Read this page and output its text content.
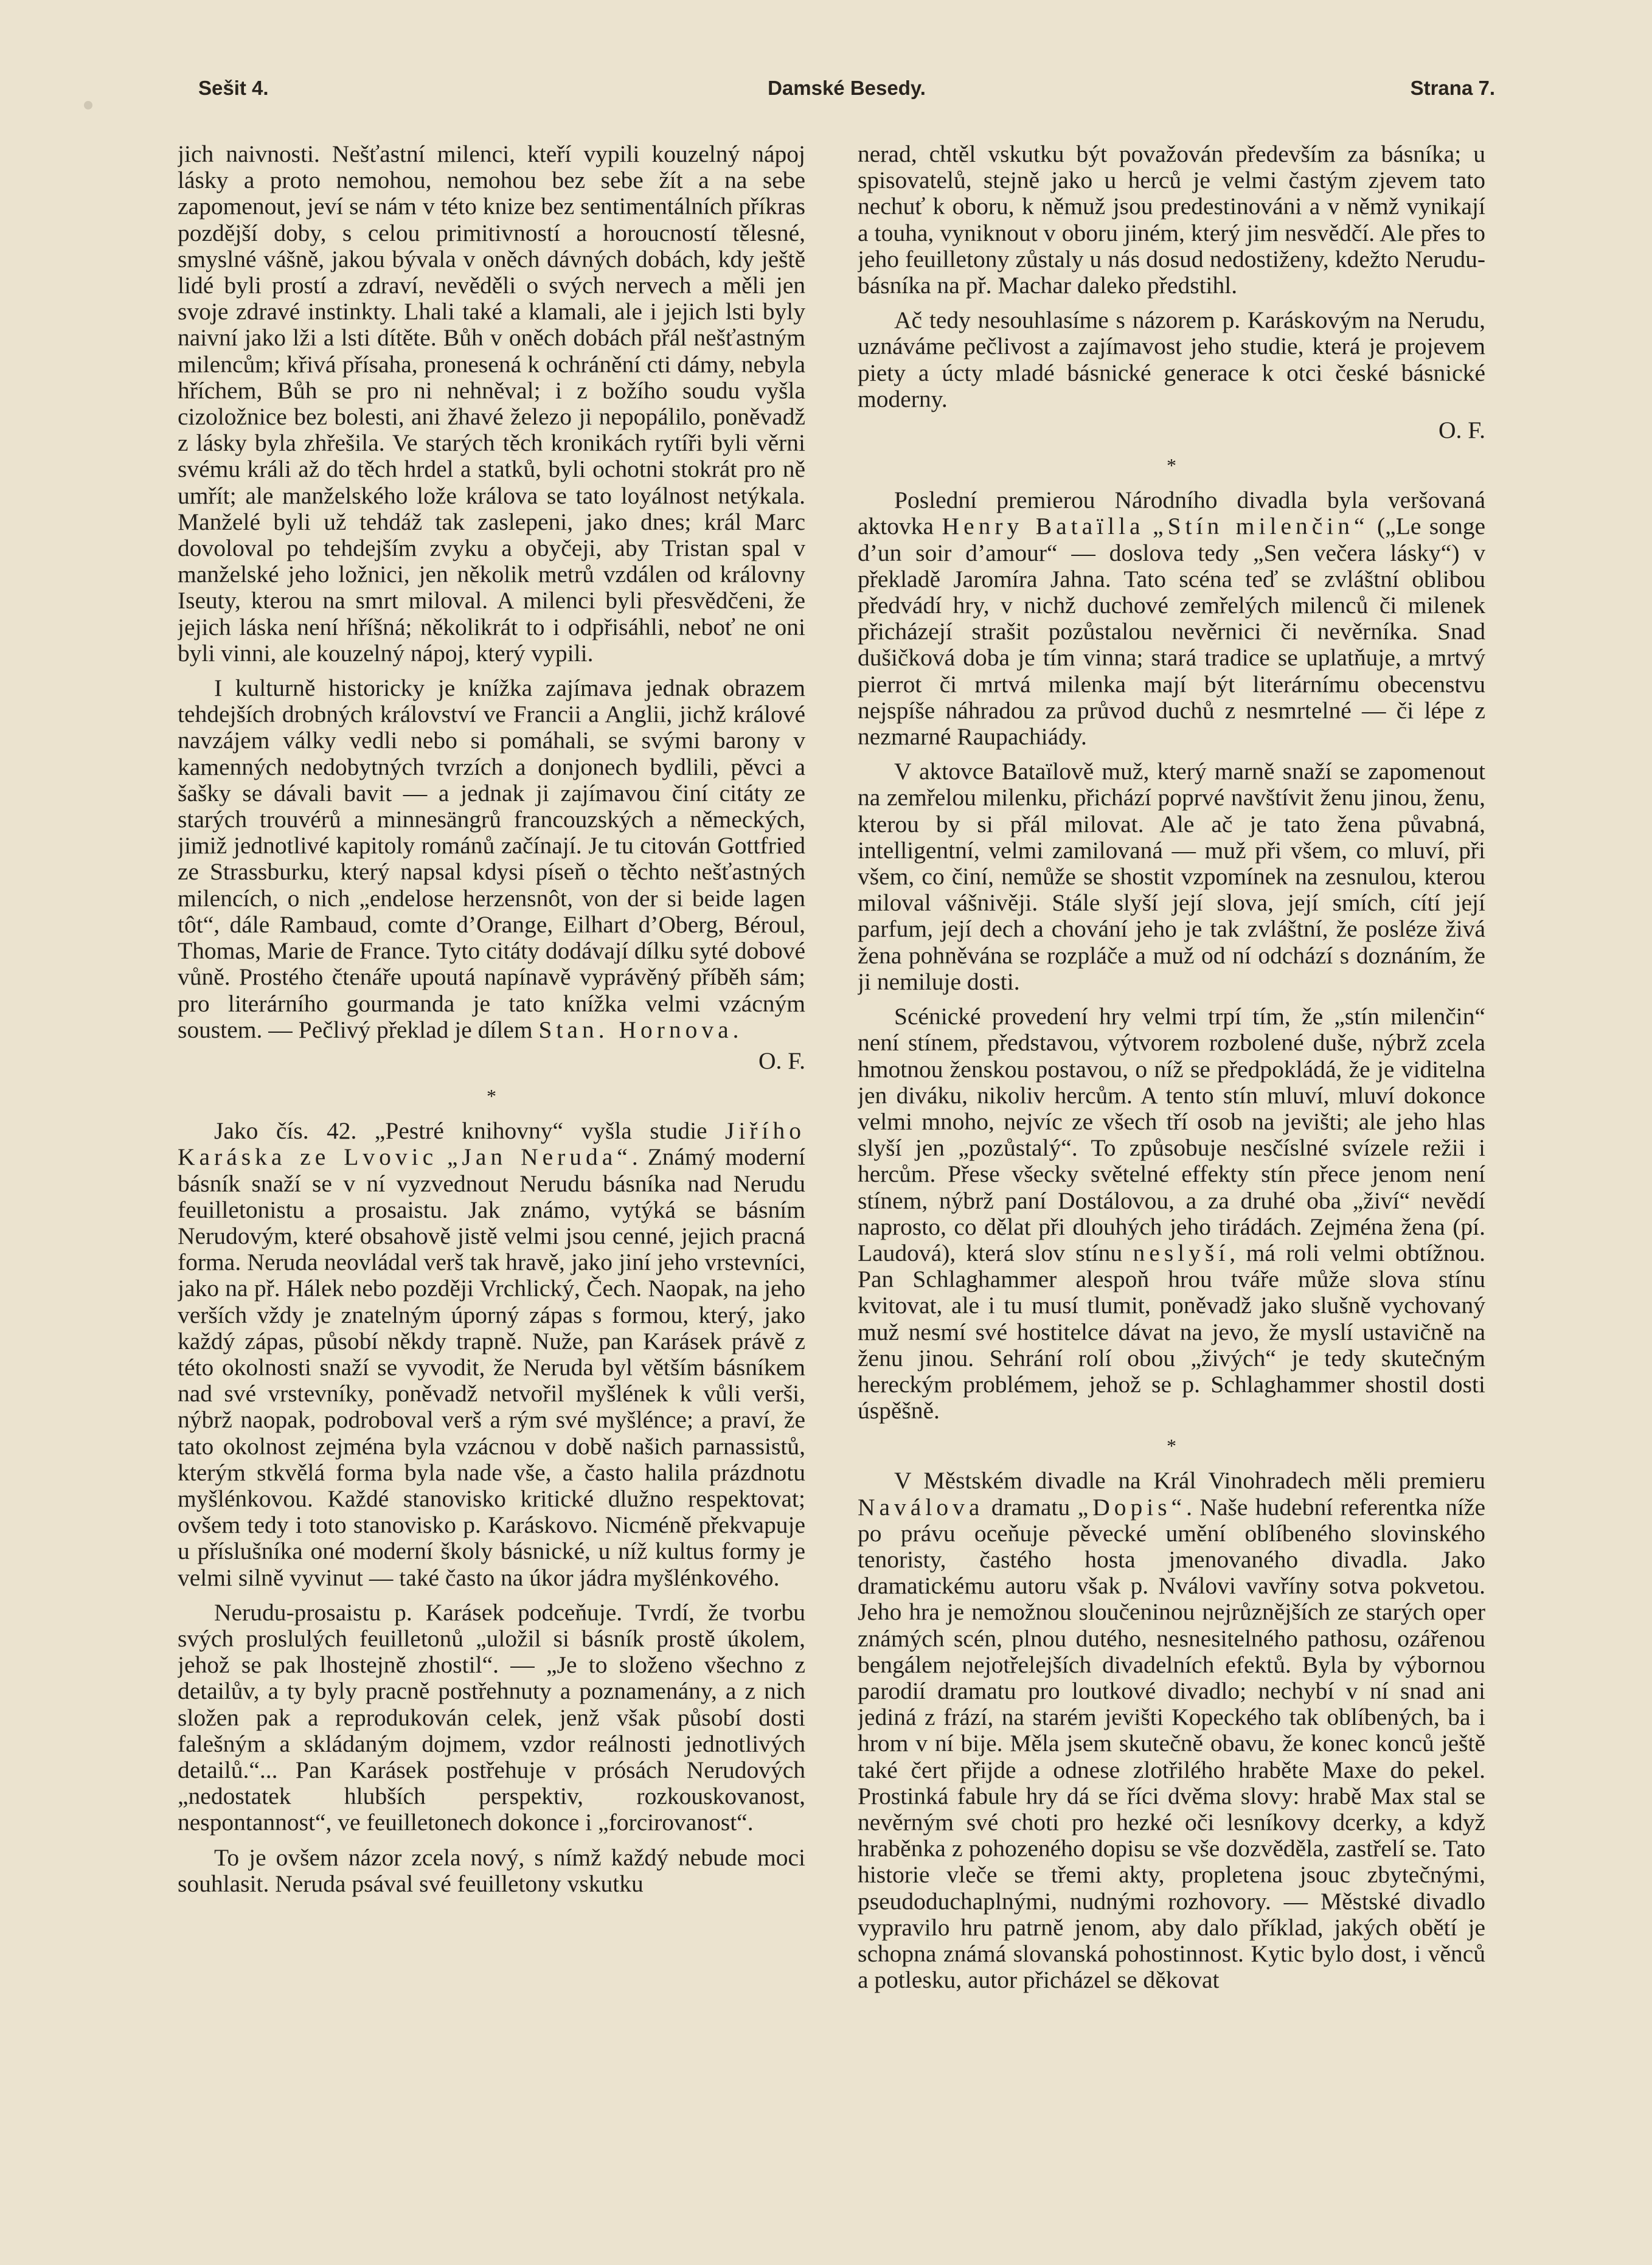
Sešit 4.	Damské Besedy.	Strana 7.

jich naivnosti. Nešťastní milenci, kteří vypili kouzelný nápoj lásky a proto nemohou, nemohou bez sebe žít a na sebe zapomenout, jeví se nám v této knize bez sentimentálních příkras pozdější doby, s celou primitivností a horoucností tělesné, smyslné vášně, jakou bývala v oněch dávných dobách, kdy ještě lidé byli prostí a zdraví, nevěděli o svých nervech a měli jen svoje zdravé instinkty. Lhali také a klamali, ale i jejich lsti byly naivní jako lži a lsti dítěte. Bůh v oněch dobách přál nešťastným milencům; křivá přísaha, pronesená k ochránění cti dámy, nebyla hříchem, Bůh se pro ni nehněval; i z božího soudu vyšla cizoložnice bez bolesti, ani žhavé železo ji nepopálilo, poněvadž z lásky byla zhřešila. Ve starých těch kronikách rytíři byli věrni svému králi až do těch hrdel a statků, byli ochotni stokrát pro ně umřít; ale manželského lože králova se tato loyálnost netýkala. Manželé byli už tehdáž tak zaslepeni, jako dnes; král Marc dovoloval po tehdejším zvyku a obyčeji, aby Tristan spal v manželské jeho ložnici, jen několik metrů vzdálen od královny Iseuty, kterou na smrt miloval. A milenci byli přesvědčeni, že jejich láska není hříšná; několikrát to i odpřisáhli, neboť ne oni byli vinni, ale kouzelný nápoj, který vypili.

I kulturně historicky je knížka zajímava jednak obrazem tehdejších drobných království ve Francii a Anglii, jichž králové navzájem války vedli nebo si pomáhali, se svými barony v kamenných nedobytných tvrzích a donjonech bydlili, pěvci a šašky se dávali bavit — a jednak ji zajímavou činí citáty ze starých trouvérů a minnesängrů francouzských a německých, jimiž jednotlivé kapitoly románů začínají. Je tu citován Gottfried ze Strassburku, který napsal kdysi píseň o těchto nešťastných milencích, o nich „endelose herzensnôt, von der si beide lagen tôt“, dále Rambaud, comte d’Orange, Eilhart d’Oberg, Béroul, Thomas, Marie de France. Tyto citáty dodávají dílku syté dobové vůně. Prostého čtenáře upoutá napínavě vyprávěný příběh sám; pro literárního gourmanda je tato knížka velmi vzácným soustem. — Pečlivý překlad je dílem Stan. Hornova.

O. F.

*

Jako čís. 42. „Pestré knihovny“ vyšla studie Jiřího Karáska ze Lvovic „Jan Neruda“. Známý moderní básník snaží se v ní vyzvednout Nerudu básníka nad Nerudu feuilletonistu a prosaistu. Jak známo, vytýká se básním Nerudovým, které obsahově jistě velmi jsou cenné, jejich pracná forma. Neruda neovládal verš tak hravě, jako jiní jeho vrstevníci, jako na př. Hálek nebo později Vrchlický, Čech. Naopak, na jeho verších vždy je znatelným úporný zápas s formou, který, jako každý zápas, působí někdy trapně. Nuže, pan Karásek právě z této okolnosti snaží se vyvodit, že Neruda byl větším básníkem nad své vrstevníky, poněvadž netvořil myšlének k vůli verši, nýbrž naopak, podroboval verš a rým své myšlénce; a praví, že tato okolnost zejména byla vzácnou v době našich parnassistů, kterým stkvělá forma byla nade vše, a často halila prázdnotu myšlénkovou. Každé stanovisko kritické dlužno respektovat; ovšem tedy i toto stanovisko p. Karáskovo. Nicméně překvapuje u příslušníka oné moderní školy básnické, u níž kultus formy je velmi silně vyvinut — také často na úkor jádra myšlénkového.

Nerudu-prosaistu p. Karásek podceňuje. Tvrdí, že tvorbu svých proslulých feuilletonů „uložil si básník prostě úkolem, jehož se pak lhostejně zhostil“. — „Je to složeno všechno z detailův, a ty byly pracně postřehnuty a poznamenány, a z nich složen pak a reprodukován celek, jenž však působí dosti falešným a skládaným dojmem, vzdor reálnosti jednotlivých detailů.“... Pan Karásek postřehuje v prósách Nerudových „nedostatek hlubších perspektiv, rozkouskovanost, nespontannost“, ve feuilletonech dokonce i „forcirovanost“.

To je ovšem názor zcela nový, s nímž každý nebude moci souhlasit. Neruda psával své feuilletony vskutku

nerad, chtěl vskutku být považován především za básníka; u spisovatelů, stejně jako u herců je velmi častým zjevem tato nechuť k oboru, k němuž jsou predestinováni a v němž vynikají a touha, vyniknout v oboru jiném, který jim nesvědčí. Ale přes to jeho feuilletony zůstaly u nás dosud nedostiženy, kdežto Nerudu-básníka na př. Machar daleko předstihl.

Ač tedy nesouhlasíme s názorem p. Karáskovým na Nerudu, uznáváme pečlivost a zajímavost jeho studie, která je projevem piety a úcty mladé básnické generace k otci české básnické moderny.

O. F.

*

Poslední premierou Národního divadla byla veršovaná aktovka Henry Bataïlla „Stín milenčin“ („Le songe d’un soir d’amour“ — doslova tedy „Sen večera lásky“) v překladě Jaromíra Jahna. Tato scéna teď se zvláštní oblibou předvádí hry, v nichž duchové zemřelých milenců či milenek přicházejí strašit pozůstalou nevěrnici či nevěrníka. Snad dušičková doba je tím vinna; stará tradice se uplatňuje, a mrtvý pierrot či mrtvá milenka mají být literárnímu obecenstvu nejspíše náhradou za průvod duchů z nesmrtelné — či lépe z nezmarné Raupachiády.

V aktovce Bataïlově muž, který marně snaží se zapomenout na zemřelou milenku, přichází poprvé navštívit ženu jinou, ženu, kterou by si přál milovat. Ale ač je tato žena půvabná, intelligentní, velmi zamilovaná — muž při všem, co mluví, při všem, co činí, nemůže se shostit vzpomínek na zesnulou, kterou miloval vášnivěji. Stále slyší její slova, její smích, cítí její parfum, její dech a chování jeho je tak zvláštní, že posléze živá žena pohněvána se rozpláče a muž od ní odchází s doznáním, že ji nemiluje dosti.

Scénické provedení hry velmi trpí tím, že „stín milenčin“ není stínem, představou, výtvorem rozbolené duše, nýbrž zcela hmotnou ženskou postavou, o níž se předpokládá, že je viditelna jen diváku, nikoliv hercům. A tento stín mluví, mluví dokonce velmi mnoho, nejvíc ze všech tří osob na jevišti; ale jeho hlas slyší jen „pozůstalý“. To způsobuje nesčíslné svízele režii i hercům. Přese všecky světelné effekty stín přece jenom není stínem, nýbrž paní Dostálovou, a za druhé oba „živí“ nevědí naprosto, co dělat při dlouhých jeho tirádách. Zejména žena (pí. Laudová), která slov stínu neslyší, má roli velmi obtížnou. Pan Schlaghammer alespoň hrou tváře může slova stínu kvitovat, ale i tu musí tlumit, poněvadž jako slušně vychovaný muž nesmí své hostitelce dávat na jevo, že myslí ustavičně na ženu jinou. Sehrání rolí obou „živých“ je tedy skutečným hereckým problémem, jehož se p. Schlaghammer shostil dosti úspěšně.

*

V Městském divadle na Král Vinohradech měli premieru Naválova dramatu „Dopis“. Naše hudební referentka níže po právu oceňuje pěvecké umění oblíbeného slovinského tenoristy, častého hosta jmenovaného divadla. Jako dramatickému autoru však p. Nválovi vavříny sotva pokvetou. Jeho hra je nemožnou sloučeninou nejrůznějších ze starých oper známých scén, plnou dutého, nesnesitelného pathosu, ozářenou bengálem nejotřelejších divadelních efektů. Byla by výbornou parodií dramatu pro loutkové divadlo; nechybí v ní snad ani jediná z frází, na starém jevišti Kopeckého tak oblíbených, ba i hrom v ní bije. Měla jsem skutečně obavu, že konec konců ještě také čert přijde a odnese zlotřilého hraběte Maxe do pekel. Prostinká fabule hry dá se říci dvěma slovy: hrabě Max stal se nevěrným své choti pro hezké oči lesníkovy dcerky, a když hraběnka z pohozeného dopisu se vše dozvěděla, zastřelí se. Tato historie vleče se třemi akty, propletena jsouc zbytečnými, pseudoduchaplnými, nudnými rozhovory. — Městské divadlo vypravilo hru patrně jenom, aby dalo příklad, jakých obětí je schopna známá slovanská pohostinnost. Kytic bylo dost, i věnců a potlesku, autor přicházel se děkovat
